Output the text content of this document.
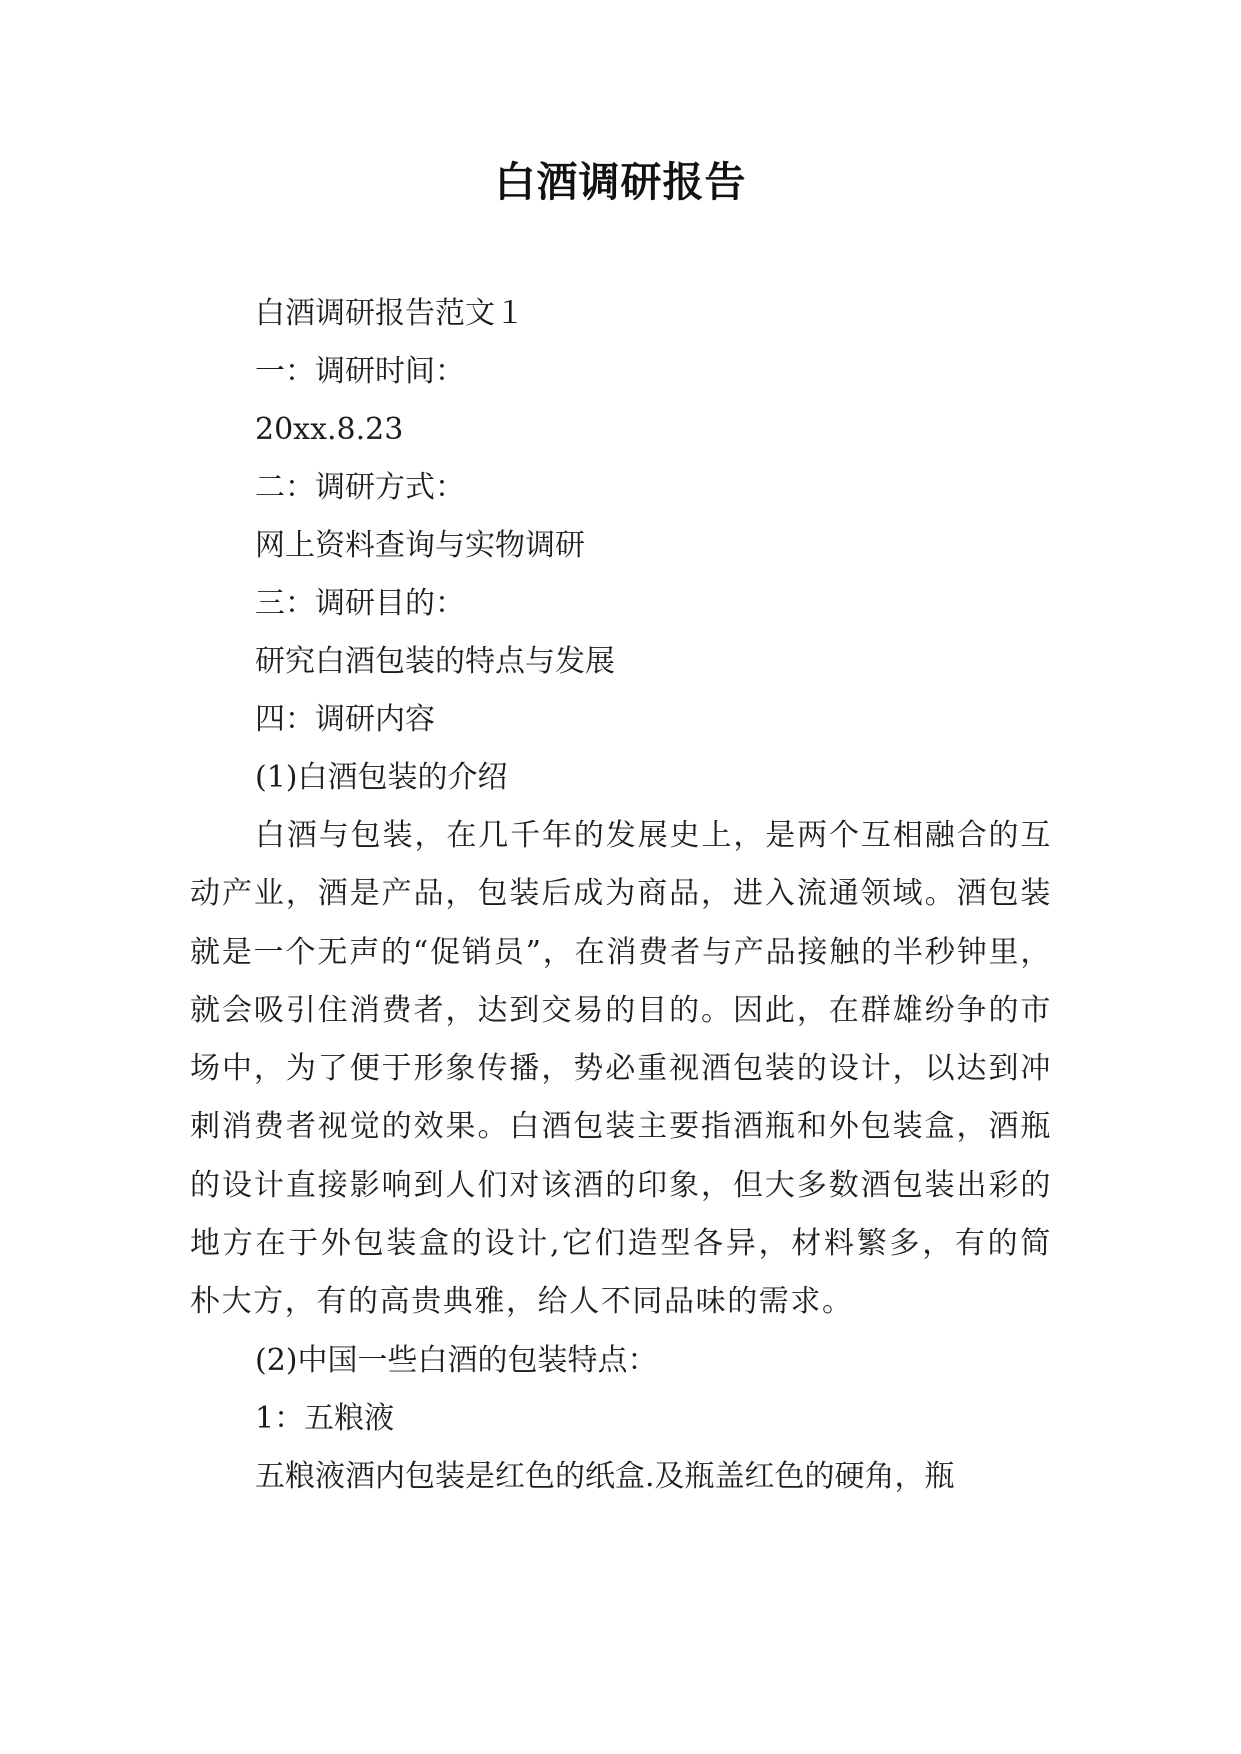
白酒调研报告
白酒调研报告范文１
一：调研时间：
20xx.8.23
二：调研方式：
网上资料查询与实物调研
三：调研目的：
研究白酒包装的特点与发展
四：调研内容
(1)白酒包装的介绍
白酒与包装，在几千年的发展史上，是两个互相融合的互动产业，酒是产品，包装后成为商品，进入流通领域。酒包装就是一个无声的“促销员”，在消费者与产品接触的半秒钟里，就会吸引住消费者，达到交易的目的。因此，在群雄纷争的市场中，为了便于形象传播，势必重视酒包装的设计，以达到冲刺消费者视觉的效果。白酒包装主要指酒瓶和外包装盒，酒瓶的设计直接影响到人们对该酒的印象，但大多数酒包装出彩的地方在于外包装盒的设计,它们造型各异，材料繁多，有的简朴大方，有的高贵典雅，给人不同品味的需求。
(2)中国一些白酒的包装特点：
1：五粮液
五粮液酒内包装是红色的纸盒.及瓶盖红色的硬角，瓶
